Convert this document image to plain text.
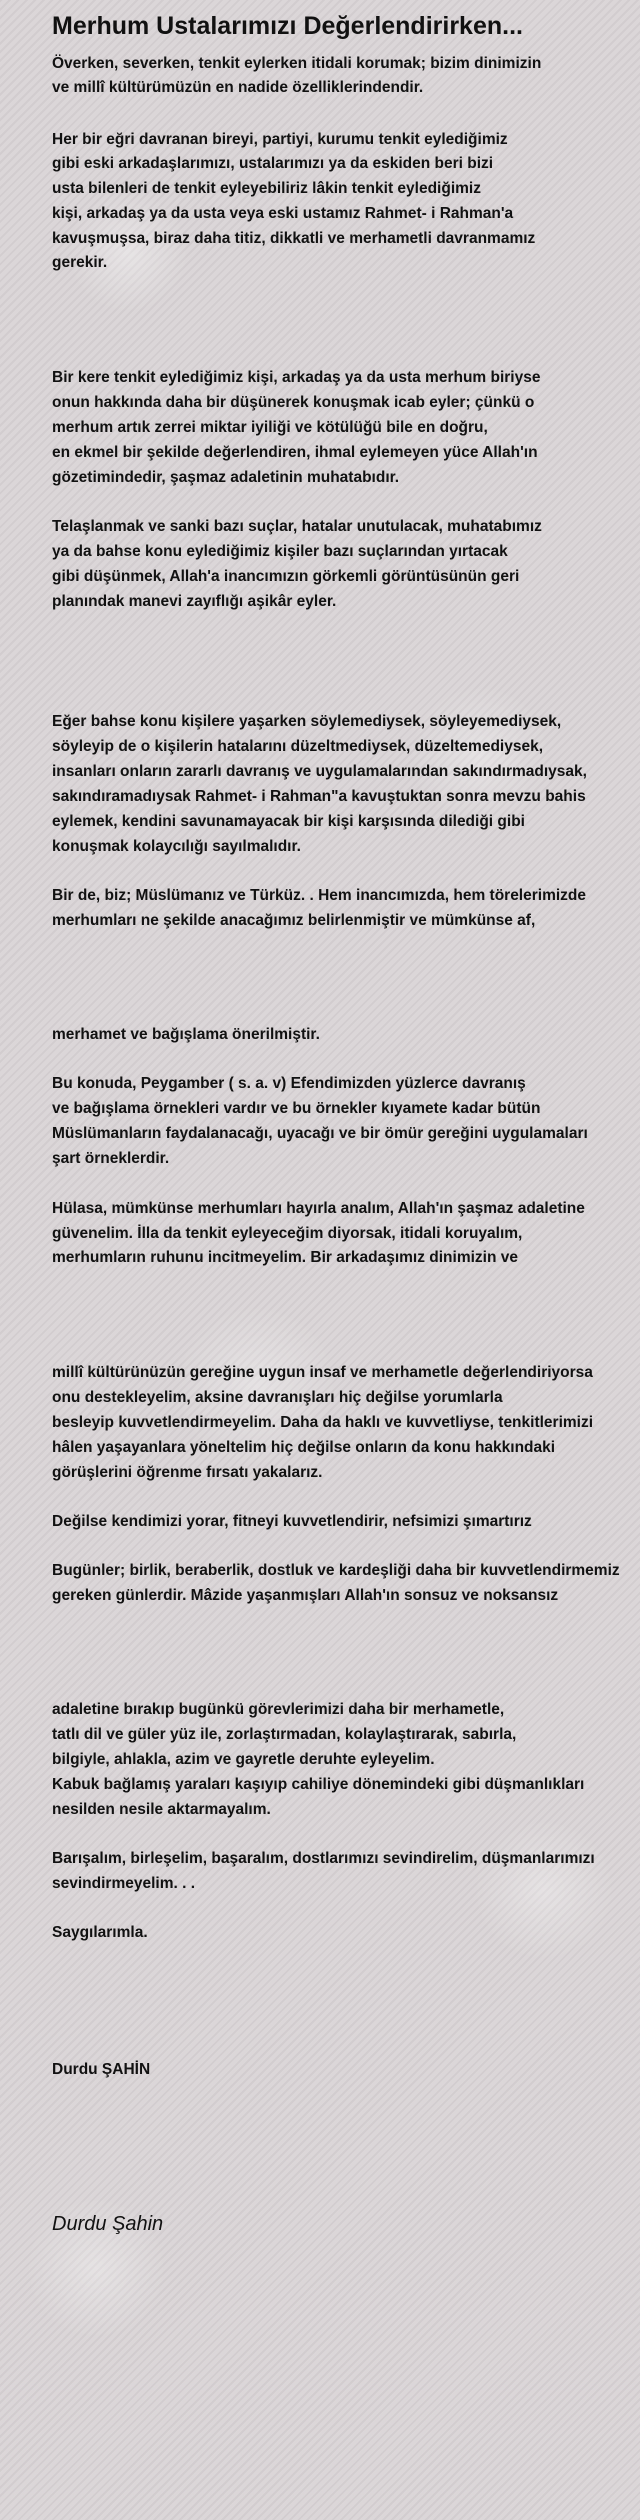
Merhum Ustalarımızı Değerlendirirken...
Överken, severken, tenkit eylerken itidali korumak; bizim dinimizin
ve millî kültürümüzün en nadide özelliklerindendir.
Her bir eğri davranan bireyi, partiyi, kurumu tenkit eylediğimiz
gibi eski arkadaşlarımızı, ustalarımızı ya da eskiden beri bizi
usta bilenleri de tenkit eyleyebiliriz lâkin tenkit eylediğimiz
kişi, arkadaş ya da usta veya eski ustamız Rahmet- i Rahman'a
kavuşmuşsa, biraz daha titiz, dikkatli ve merhametli davranmamız
gerekir.
Bir kere tenkit eylediğimiz kişi, arkadaş ya da usta merhum biriyse
onun hakkında daha bir düşünerek konuşmak icab eyler; çünkü o
merhum artık zerrei miktar iyiliği ve kötülüğü bile en doğru,
en ekmel bir şekilde değerlendiren, ihmal eylemeyen yüce Allah'ın
gözetimindedir, şaşmaz adaletinin muhatabıdır.
Telaşlanmak ve sanki bazı suçlar, hatalar unutulacak, muhatabımız
ya da bahse konu eylediğimiz kişiler bazı suçlarından yırtacak
gibi düşünmek, Allah'a inancımızın görkemli görüntüsünün geri
planındak manevi zayıflığı aşikâr eyler.
Eğer bahse konu kişilere yaşarken söylemediysek, söyleyemediysek,
söyleyip de o kişilerin hatalarını düzeltmediysek, düzeltemediysek,
insanları onların zararlı davranış ve uygulamalarından sakındırmadıysak,
sakındıramadıysak Rahmet- i Rahman"a kavuştuktan sonra mevzu bahis
eylemek, kendini savunamayacak bir kişi karşısında dilediği gibi
konuşmak kolaycılığı sayılmalıdır.
Bir de, biz; Müslümanız ve Türküz. . Hem inancımızda, hem törelerimizde
merhumları ne şekilde anacağımız belirlenmiştir ve mümkünse af,
merhamet ve bağışlama önerilmiştir.
Bu konuda, Peygamber ( s. a. v) Efendimizden yüzlerce davranış
ve bağışlama örnekleri vardır ve bu örnekler kıyamete kadar bütün
Müslümanların faydalanacağı, uyacağı ve bir ömür gereğini uygulamaları
şart örneklerdir.
Hülasa, mümkünse merhumları hayırla analım, Allah'ın şaşmaz adaletine
güvenelim. İlla da tenkit eyleyeceğim diyorsak, itidali koruyalım,
merhumların ruhunu incitmeyelim. Bir arkadaşımız dinimizin ve
millî kültürünüzün gereğine uygun insaf ve merhametle değerlendiriyorsa
onu destekleyelim, aksine davranışları hiç değilse yorumlarla
besleyip kuvvetlendirmeyelim. Daha da haklı ve kuvvetliyse, tenkitlerimizi
hâlen yaşayanlara yöneltelim hiç değilse onların da konu hakkındaki
görüşlerini öğrenme fırsatı yakalarız.
Değilse kendimizi yorar, fitneyi kuvvetlendirir, nefsimizi şımartırız
Bugünler; birlik, beraberlik, dostluk ve kardeşliği daha bir kuvvetlendirmemiz
gereken günlerdir. Mâzide yaşanmışları Allah'ın sonsuz ve noksansız
adaletine bırakıp bugünkü görevlerimizi daha bir merhametle,
tatlı dil ve güler yüz ile, zorlaştırmadan, kolaylaştırarak, sabırla,
bilgiyle, ahlakla, azim ve gayretle deruhte eyleyelim.
Kabuk bağlamış yaraları kaşıyıp cahiliye dönemindeki gibi düşmanlıkları
nesilden nesile aktarmayalım.
Barışalım, birleşelim, başaralım, dostlarımızı sevindirelim, düşmanlarımızı
sevindirmeyelim. . .
Saygılarımla.
Durdu ŞAHİN
Durdu Şahin
